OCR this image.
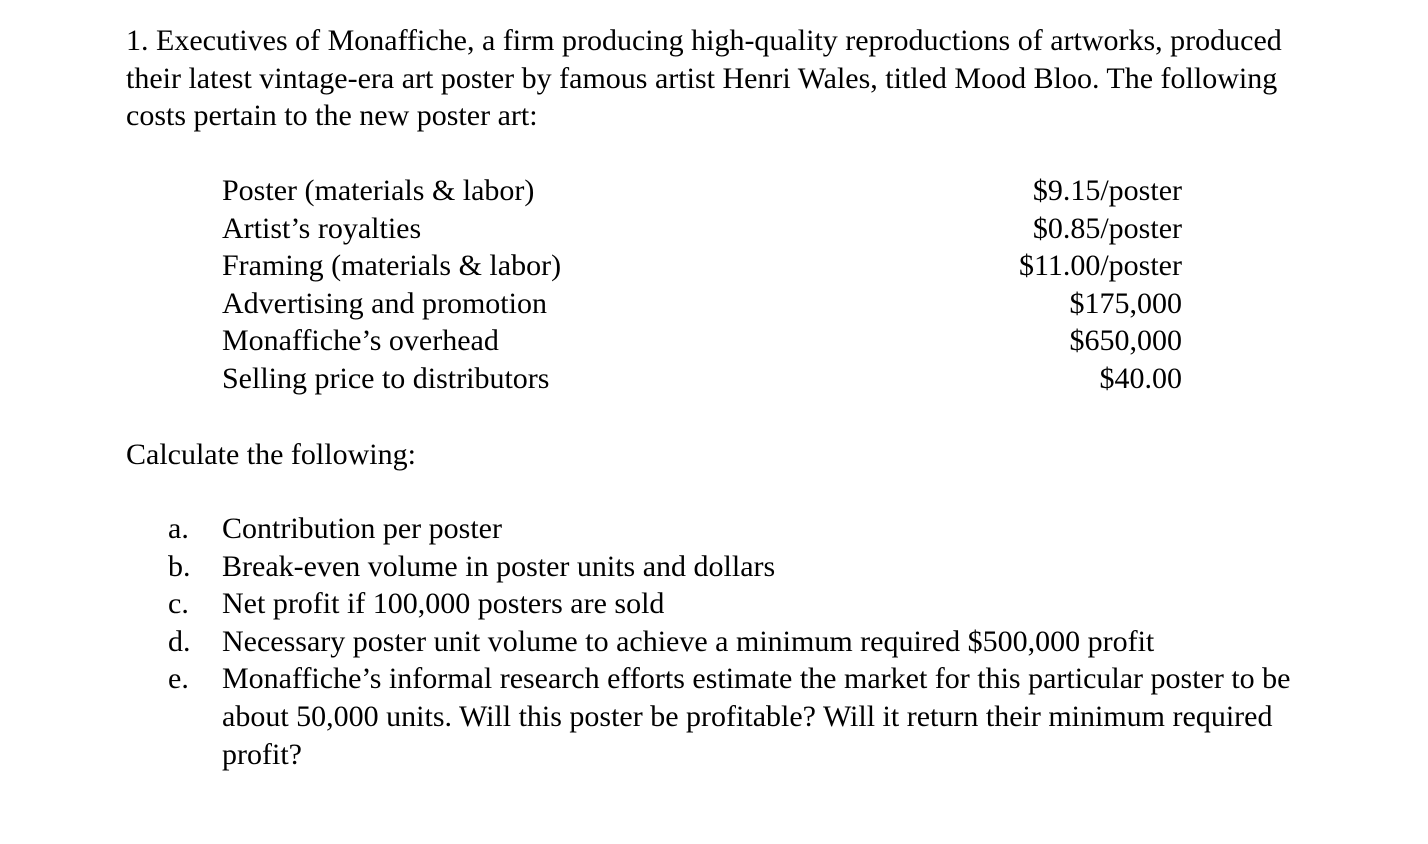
1. Executives of Monaffiche, a firm producing high-quality reproductions of artworks, produced their latest vintage-era art poster by famous artist Henri Wales, titled Mood Bloo. The following costs pertain to the new poster art:

Poster (materials & labor)	$9.15/poster
Artist’s royalties	$0.85/poster
Framing (materials & labor)	$11.00/poster
Advertising and promotion	$175,000
Monaffiche’s overhead	$650,000
Selling price to distributors	$40.00

Calculate the following:

a.	Contribution per poster
b.	Break-even volume in poster units and dollars
c.	Net profit if 100,000 posters are sold
d.	Necessary poster unit volume to achieve a minimum required $500,000 profit
e.	Monaffiche’s informal research efforts estimate the market for this particular poster to be about 50,000 units. Will this poster be profitable? Will it return their minimum required profit?
